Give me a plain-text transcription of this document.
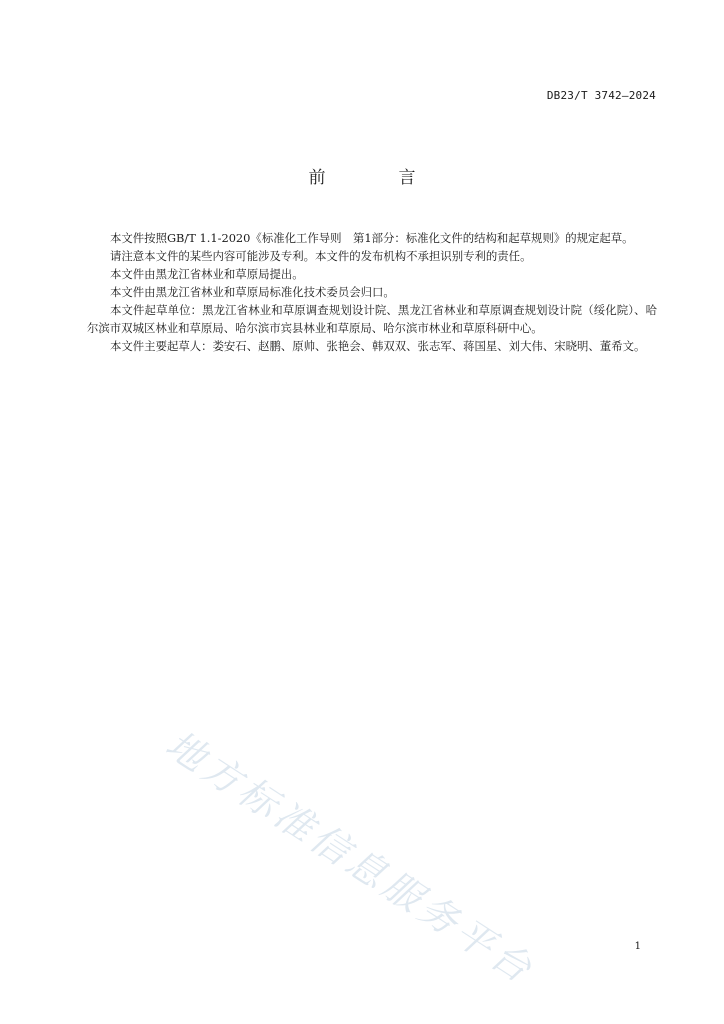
DB23/T 3742—2024
前　言

本文件按照GB/T 1.1-2020《标准化工作导则　第1部分：标准化文件的结构和起草规则》的规定起草。

请注意本文件的某些内容可能涉及专利。本文件的发布机构不承担识别专利的责任。

本文件由黑龙江省林业和草原局提出。

本文件由黑龙江省林业和草原局标准化技术委员会归口。

本文件起草单位：黑龙江省林业和草原调查规划设计院、黑龙江省林业和草原调查规划设计院（绥化院）、哈尔滨市双城区林业和草原局、哈尔滨市宾县林业和草原局、哈尔滨市林业和草原科研中心。

本文件主要起草人：娄安石、赵鹏、原帅、张艳会、韩双双、张志军、蒋国星、刘大伟、宋晓明、董希文。

地方标准信息服务平台	1
